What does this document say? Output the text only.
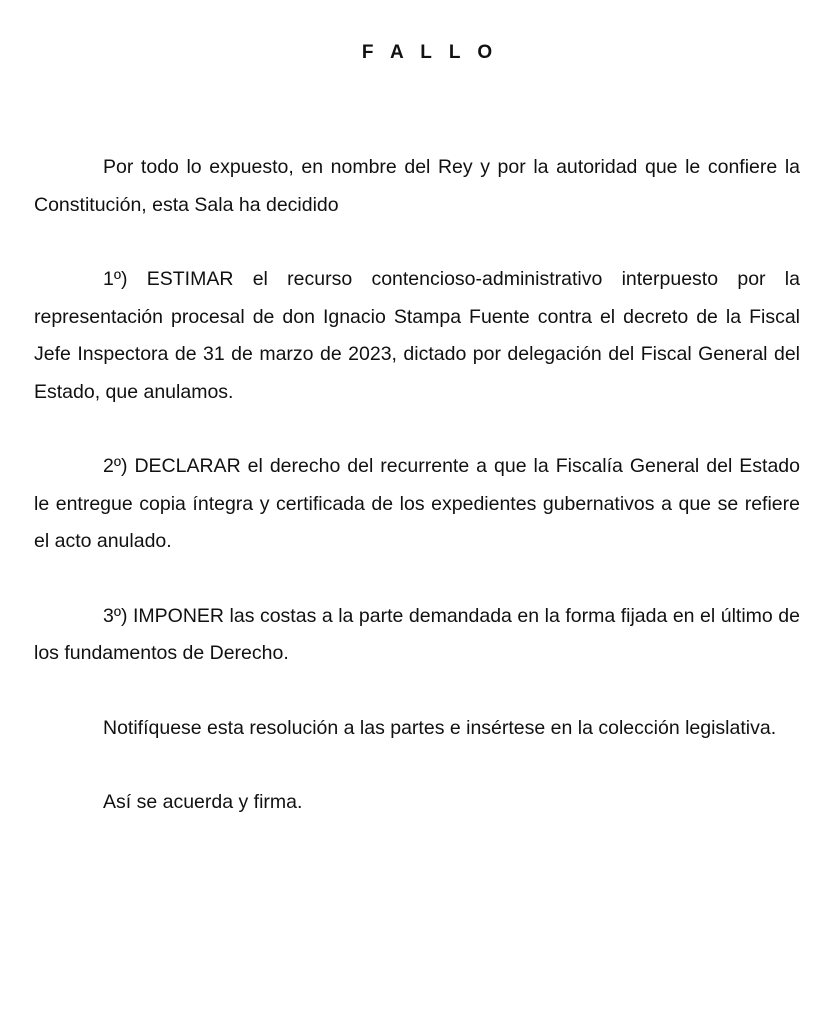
F A L L O

Por todo lo expuesto, en nombre del Rey y por la autoridad que le confiere la Constitución, esta Sala ha decidido

1º) ESTIMAR el recurso contencioso-administrativo interpuesto por la representación procesal de don Ignacio Stampa Fuente contra el decreto de la Fiscal Jefe Inspectora de 31 de marzo de 2023, dictado por delegación del Fiscal General del Estado, que anulamos.

2º) DECLARAR el derecho del recurrente a que la Fiscalía General del Estado le entregue copia íntegra y certificada de los expedientes gubernativos a que se refiere el acto anulado.

3º) IMPONER las costas a la parte demandada en la forma fijada en el último de los fundamentos de Derecho.

Notifíquese esta resolución a las partes e insértese en la colección legislativa.

Así se acuerda y firma.
